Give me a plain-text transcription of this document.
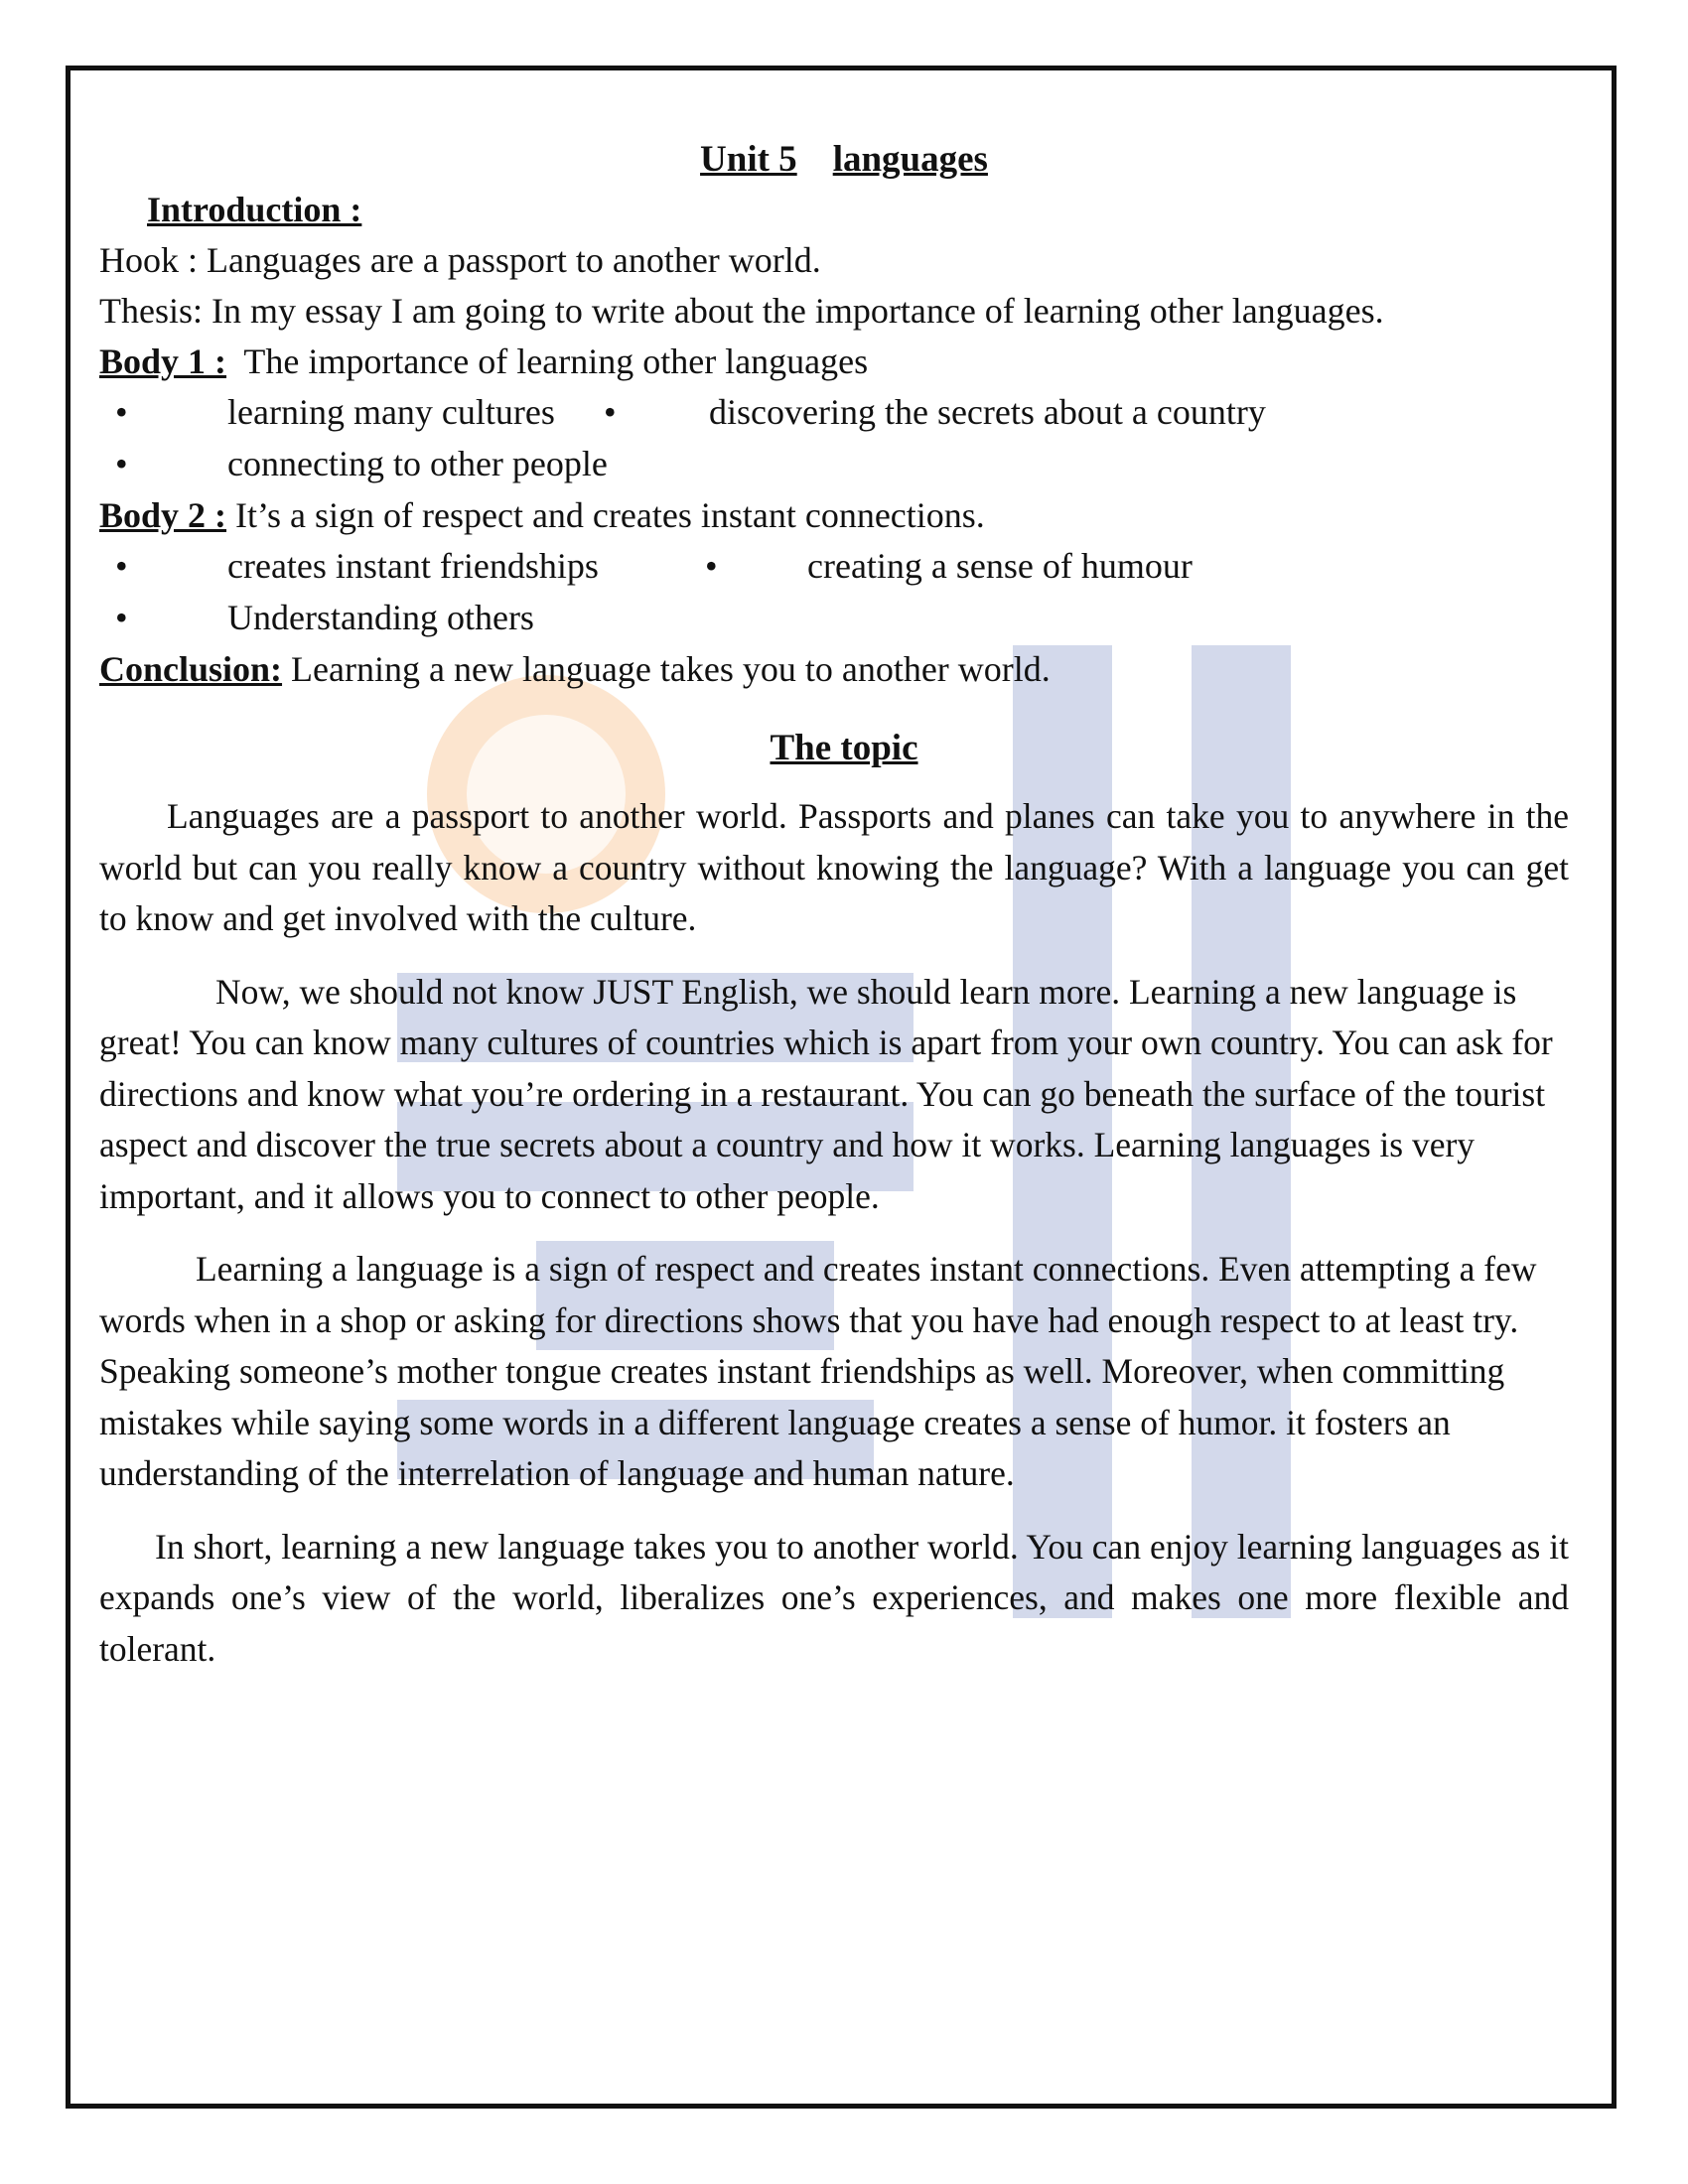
Unit 5 languages

Introduction :

Hook : Languages are a passport to another world.

Thesis: In my essay I am going to write about the importance of learning other languages.

Body 1 :  The importance of learning other languages

•	learning many cultures •	discovering the secrets about a country
•	connecting to other people

Body 2 : It’s a sign of respect and creates instant connections.

•	creates instant friendships	•	creating a sense of humour
•	Understanding others

Conclusion: Learning a new language takes you to another world.

The topic

Languages are a passport to another world. Passports and planes can take you to anywhere in the world but can you really know a country without knowing the language? With a language you can get to know and get involved with the culture.

Now, we should not know JUST English, we should learn more. Learning a new language is great! You can know many cultures of countries which is apart from your own country. You can ask for directions and know what you’re ordering in a restaurant. You can go beneath the surface of the tourist aspect and discover the true secrets about a country and how it works. Learning languages is very important, and it allows you to connect to other people.

Learning a language is a sign of respect and creates instant connections. Even attempting a few words when in a shop or asking for directions shows that you have had enough respect to at least try. Speaking someone’s mother tongue creates instant friendships as well. Moreover, when committing mistakes while saying some words in a different language creates a sense of humor. it fosters an understanding of the interrelation of language and human nature.

In short, learning a new language takes you to another world. You can enjoy learning languages as it expands one’s view of the world, liberalizes one’s experiences, and makes one more flexible and tolerant.
